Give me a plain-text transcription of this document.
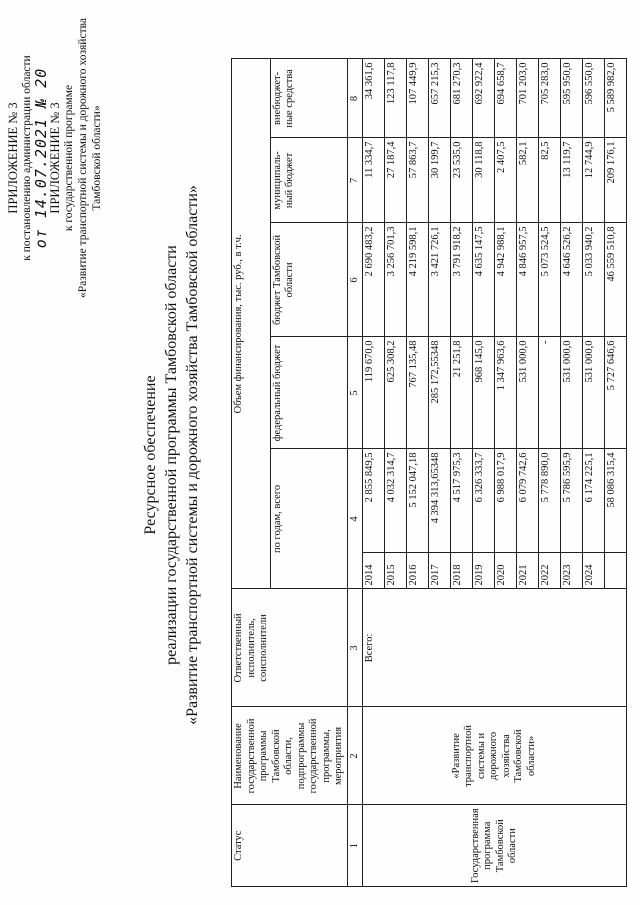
ПРИЛОЖЕНИЕ № 3 к постановлению администрации области от 14.07.2021 № 20
ПРИЛОЖЕНИЕ № 3 к государственной программе «Развитие транспортной системы и дорожного хозяйства Тамбовской области»
Ресурсное обеспечение реализации государственной программы Тамбовской области «Развитие транспортной системы и дорожного хозяйства Тамбовской области»
Статус	Наименование государственной программы Тамбовской области, подпрограммы государственной программы, мероприятия	Ответственный исполнитель, соисполнители	Объем финансирования, тыс. руб., в т.ч.					
			по годам, всего		федеральный бюджет	бюджет Тамбовской области	муниципаль- ный бюджет	внебюджет- ные средства
1	2	3	4		5	6	7	8
Государственная программа Тамбовской области	«Развитие транспортной системы и дорожного хозяйства Тамбовской области»	Всего:	2014	2 855 849,5	119 670,0	2 690 483,2	11 334,7	34 361,6
			2015	4 032 314,7	625 308,2	3 256 701,3	27 187,4	123 117,8
			2016	5 152 047,18	767 135,48	4 219 598,1	57 863,7	107 449,9
			2017	4 394 313,65348	285 172,55348	3 421 726,1	30 199,7	657 215,3
			2018	4 517 975,3	21 251,8	3 791 918,2	23 535,0	681 270,3
			2019	6 326 333,7	968 145,0	4 635 147,5	30 118,8	692 922,4
			2020	6 988 017,9	1 347 963,6	4 942 988,1	2 407,5	694 658,7
			2021	6 079 742,6	531 000,0	4 846 957,5	582,1	701 203,0
			2022	5 778 890,0	-	5 073 524,5	82,5	705 283,0
			2023	5 786 595,9	531 000,0	4 646 526,2	13 119,7	595 950,0
			2024	6 174 225,1	531 000,0	5 033 940,2	12 744,9	596 550,0
				58 086 315,4	5 727 646,6	46 559 510,8	209 176,1	5 589 982,0
